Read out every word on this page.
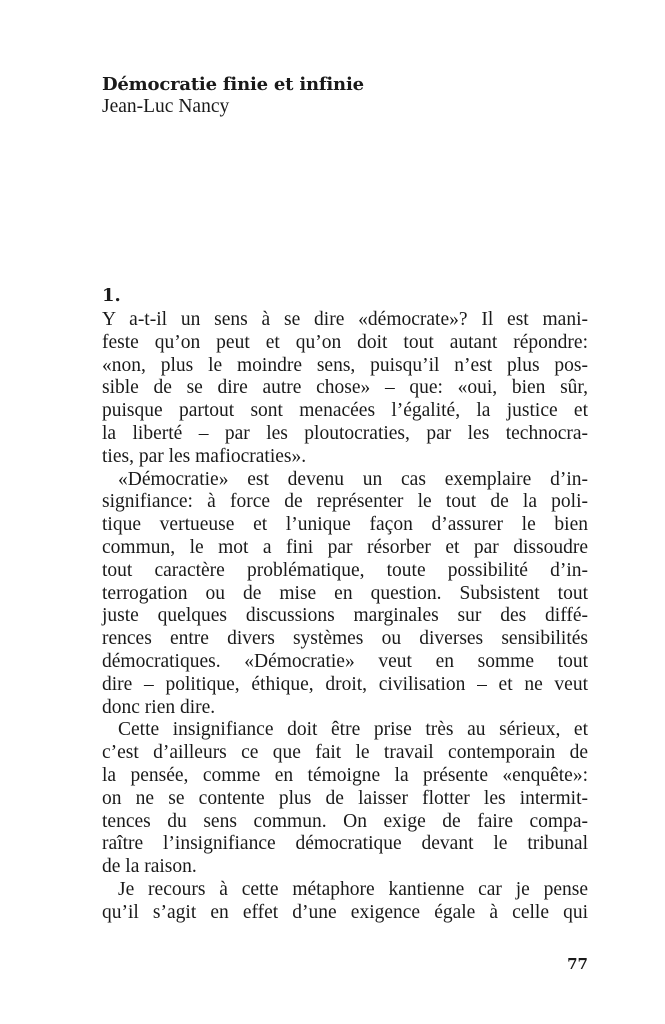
Démocratie finie et infinie
Jean-Luc Nancy
1.
Y a-t-il un sens à se dire «démocrate»? Il est mani-
feste qu’on peut et qu’on doit tout autant répondre:
«non, plus le moindre sens, puisqu’il n’est plus pos-
sible de se dire autre chose» – que: «oui, bien sûr,
puisque partout sont menacées l’égalité, la justice et
la liberté – par les ploutocraties, par les technocra-
ties, par les mafiocraties».
«Démocratie» est devenu un cas exemplaire d’in-
signifiance: à force de représenter le tout de la poli-
tique vertueuse et l’unique façon d’assurer le bien
commun, le mot a fini par résorber et par dissoudre
tout caractère problématique, toute possibilité d’in-
terrogation ou de mise en question. Subsistent tout
juste quelques discussions marginales sur des diffé-
rences entre divers systèmes ou diverses sensibilités
démocratiques. «Démocratie» veut en somme tout
dire – politique, éthique, droit, civilisation – et ne veut
donc rien dire.
Cette insignifiance doit être prise très au sérieux, et
c’est d’ailleurs ce que fait le travail contemporain de
la pensée, comme en témoigne la présente «enquête»:
on ne se contente plus de laisser flotter les intermit-
tences du sens commun. On exige de faire compa-
raître l’insignifiance démocratique devant le tribunal
de la raison.
Je recours à cette métaphore kantienne car je pense
qu’il s’agit en effet d’une exigence égale à celle qui
77
